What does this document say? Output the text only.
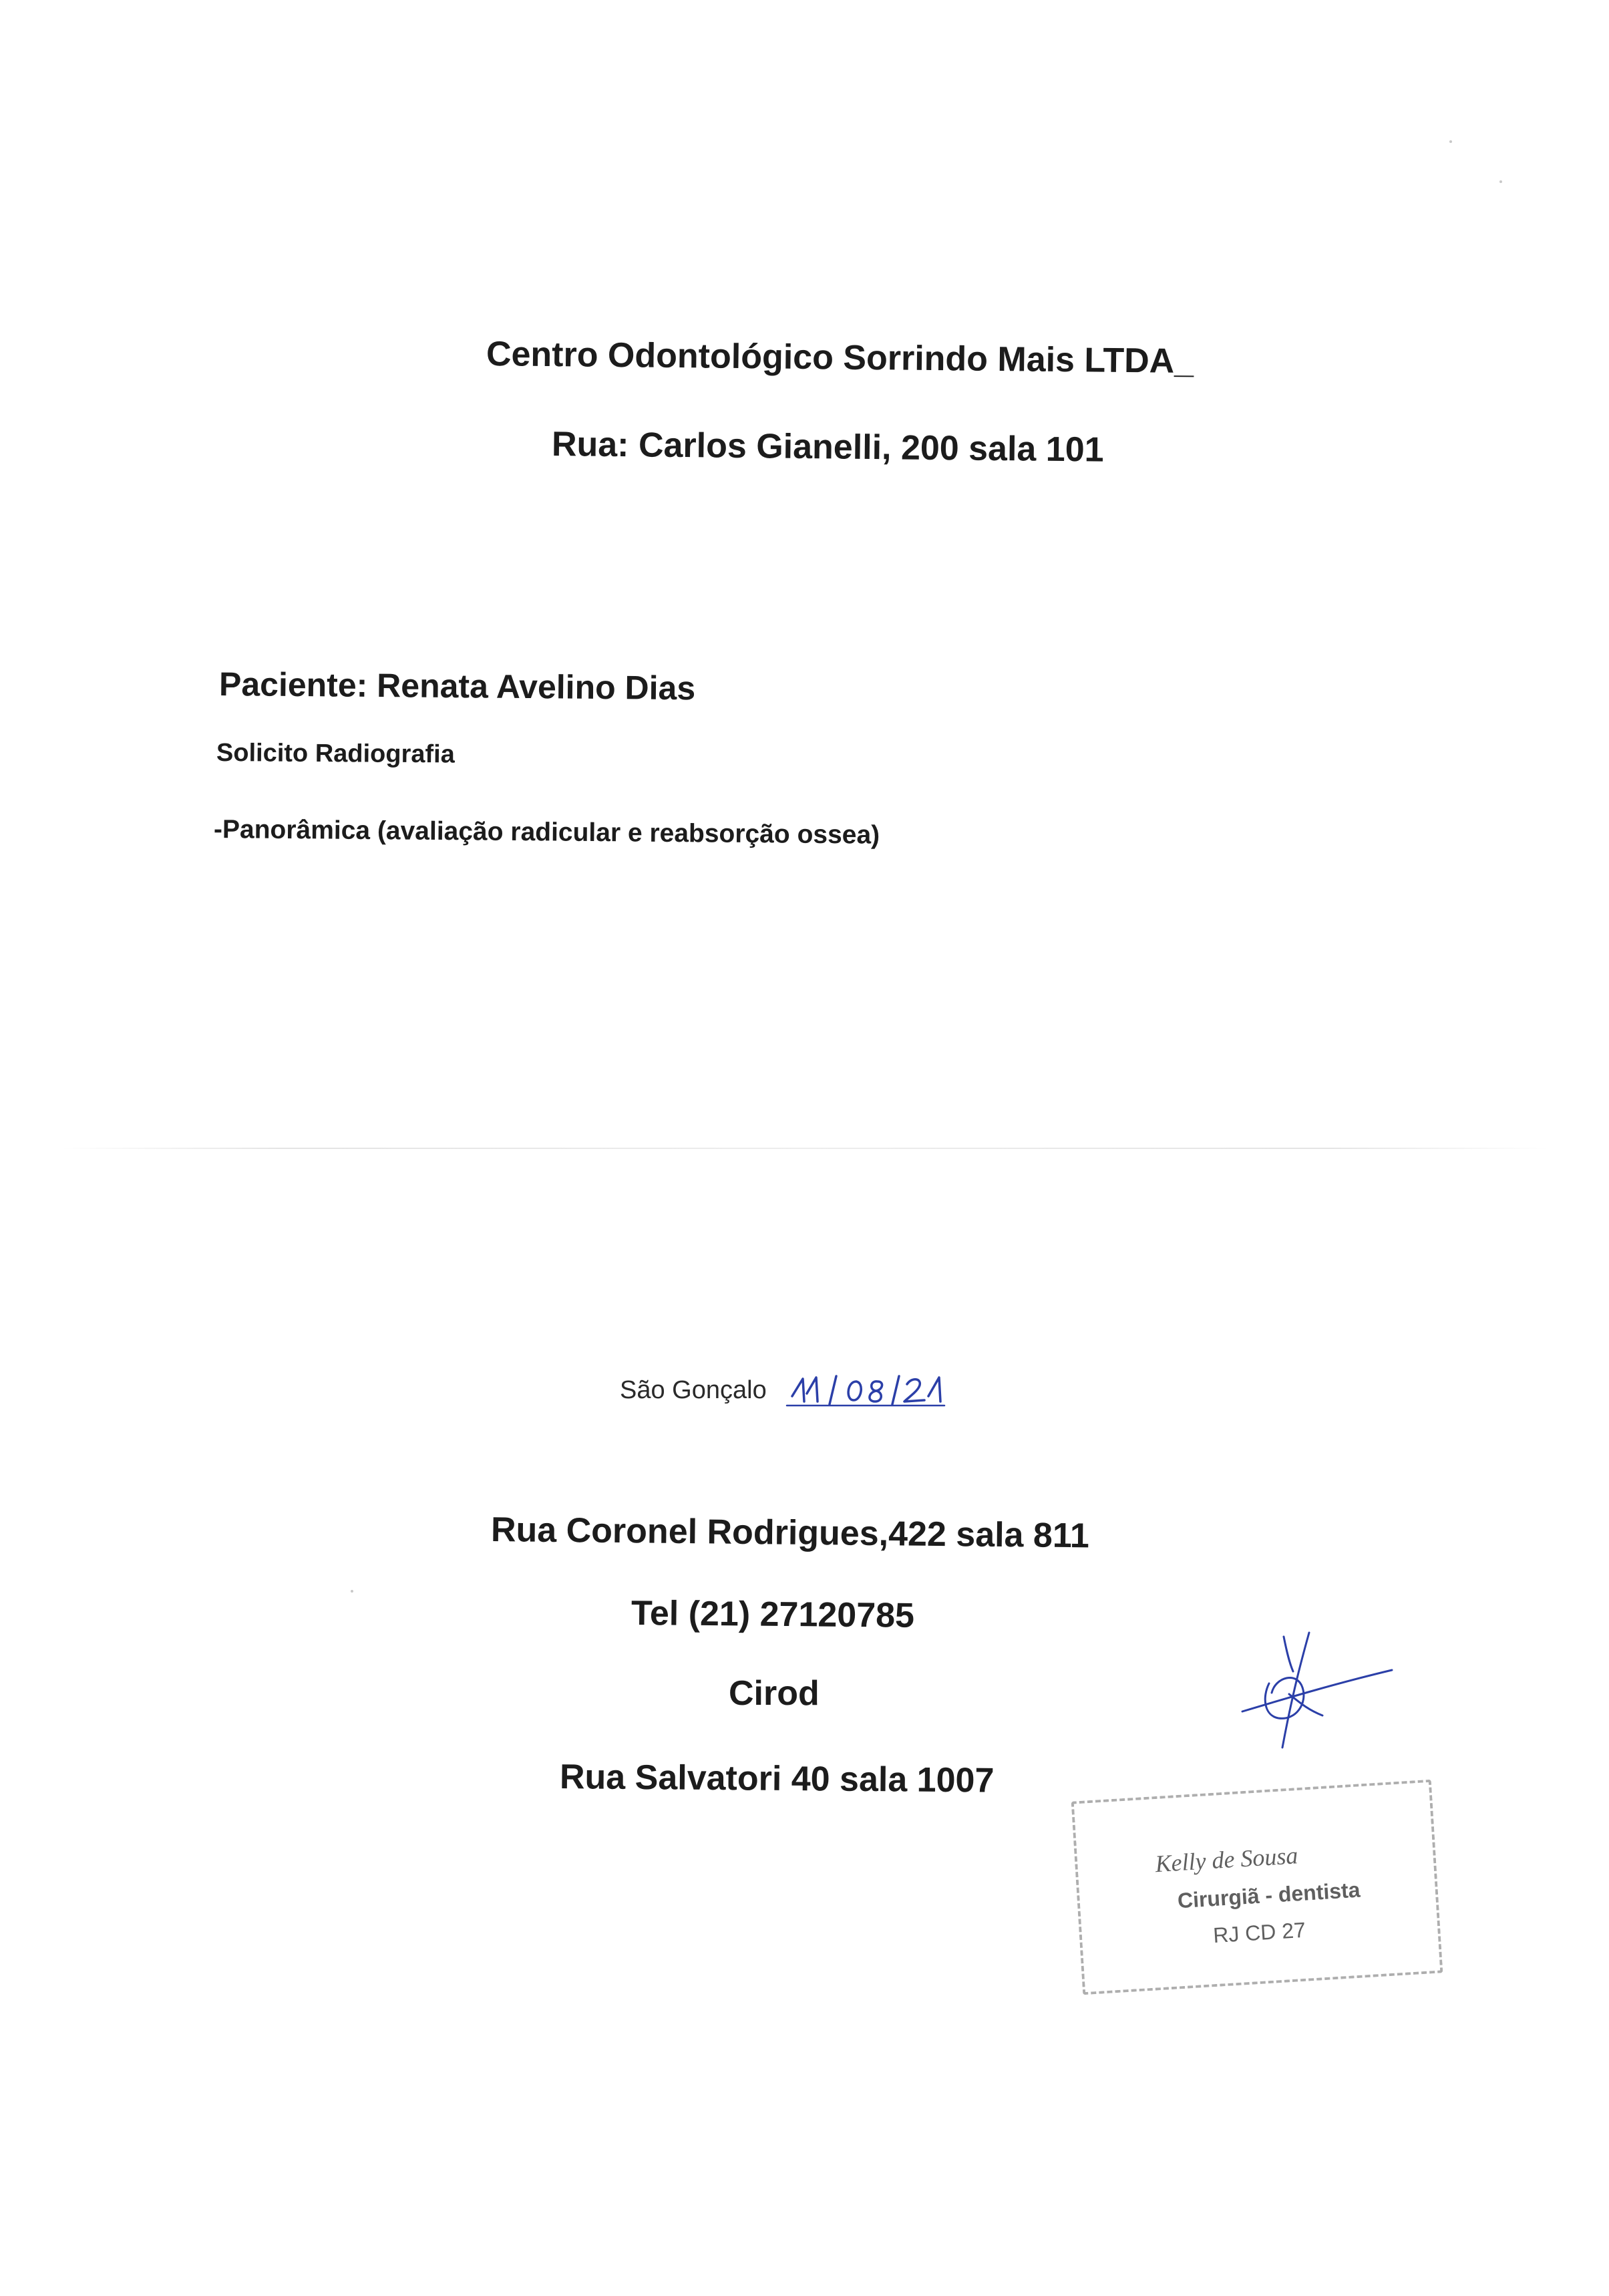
Centro Odontológico Sorrindo Mais LTDA_
Rua: Carlos Gianelli, 200 sala 101
Paciente: Renata Avelino Dias
Solicito Radiografia
-Panorâmica (avaliação radicular e reabsorção ossea)
São Gonçalo
Rua Coronel Rodrigues,422 sala 811
Tel (21) 27120785
Cirod
Rua Salvatori 40 sala 1007
Kelly de Sousa
Cirurgiã - dentista
RJ CD 27
